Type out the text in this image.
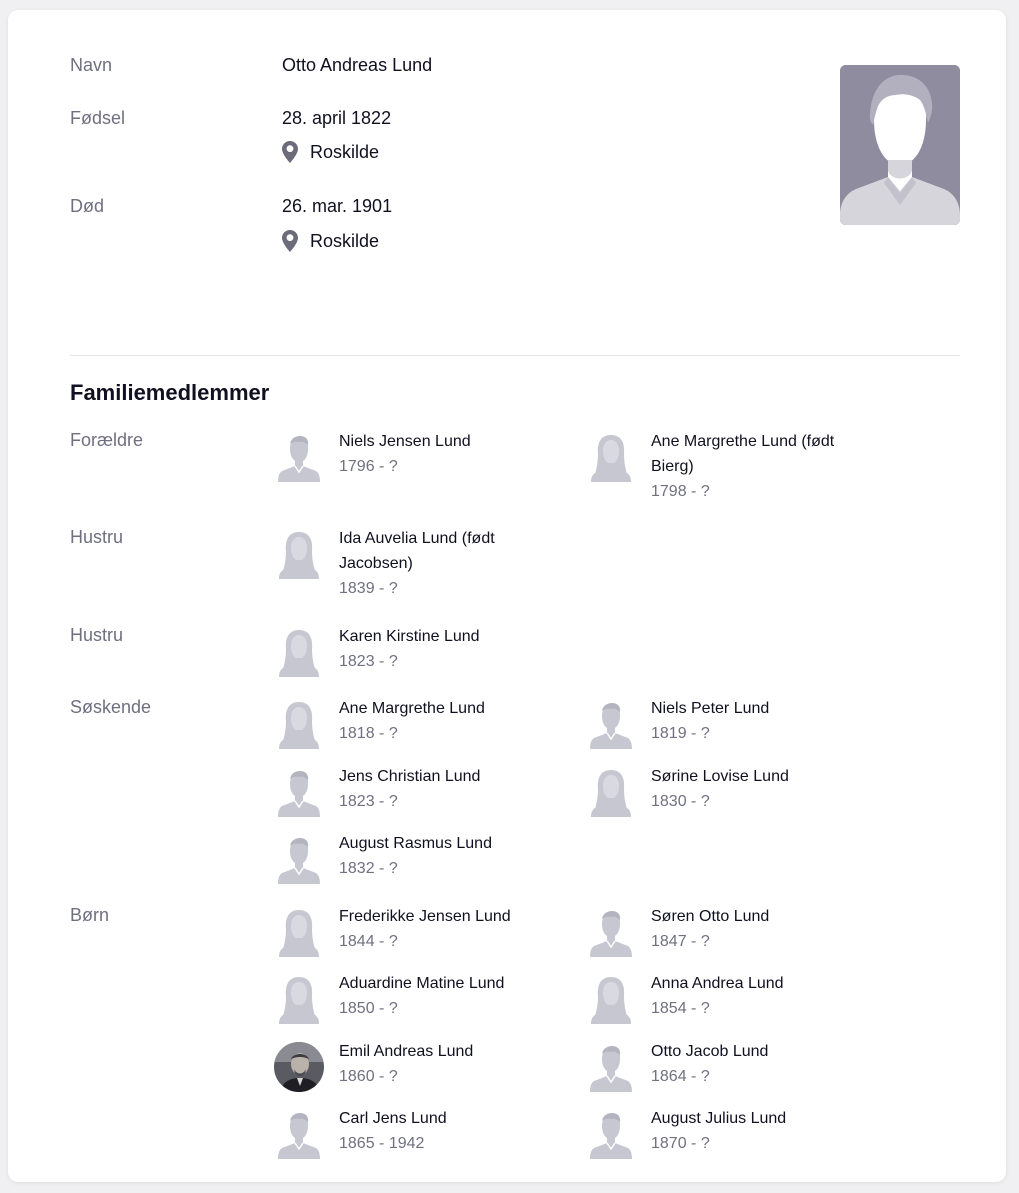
Navn	Otto Andreas Lund
Fødsel	28. april 1822
Roskilde
Død	26. mar. 1901
Roskilde
Familiemedlemmer
Forældre	Niels Jensen Lund
1796 - ?
Ane Margrethe Lund (født Bierg)
1798 - ?
Hustru	Ida Auvelia Lund (født Jacobsen)
1839 - ?
Hustru	Karen Kirstine Lund
1823 - ?
Søskende	Ane Margrethe Lund
1818 - ?
Niels Peter Lund
1819 - ?
Jens Christian Lund
1823 - ?
Sørine Lovise Lund
1830 - ?
August Rasmus Lund
1832 - ?
Børn	Frederikke Jensen Lund
1844 - ?
Søren Otto Lund
1847 - ?
Aduardine Matine Lund
1850 - ?
Anna Andrea Lund
1854 - ?
Emil Andreas Lund
1860 - ?
Otto Jacob Lund
1864 - ?
Carl Jens Lund
1865 - 1942
August Julius Lund
1870 - ?
